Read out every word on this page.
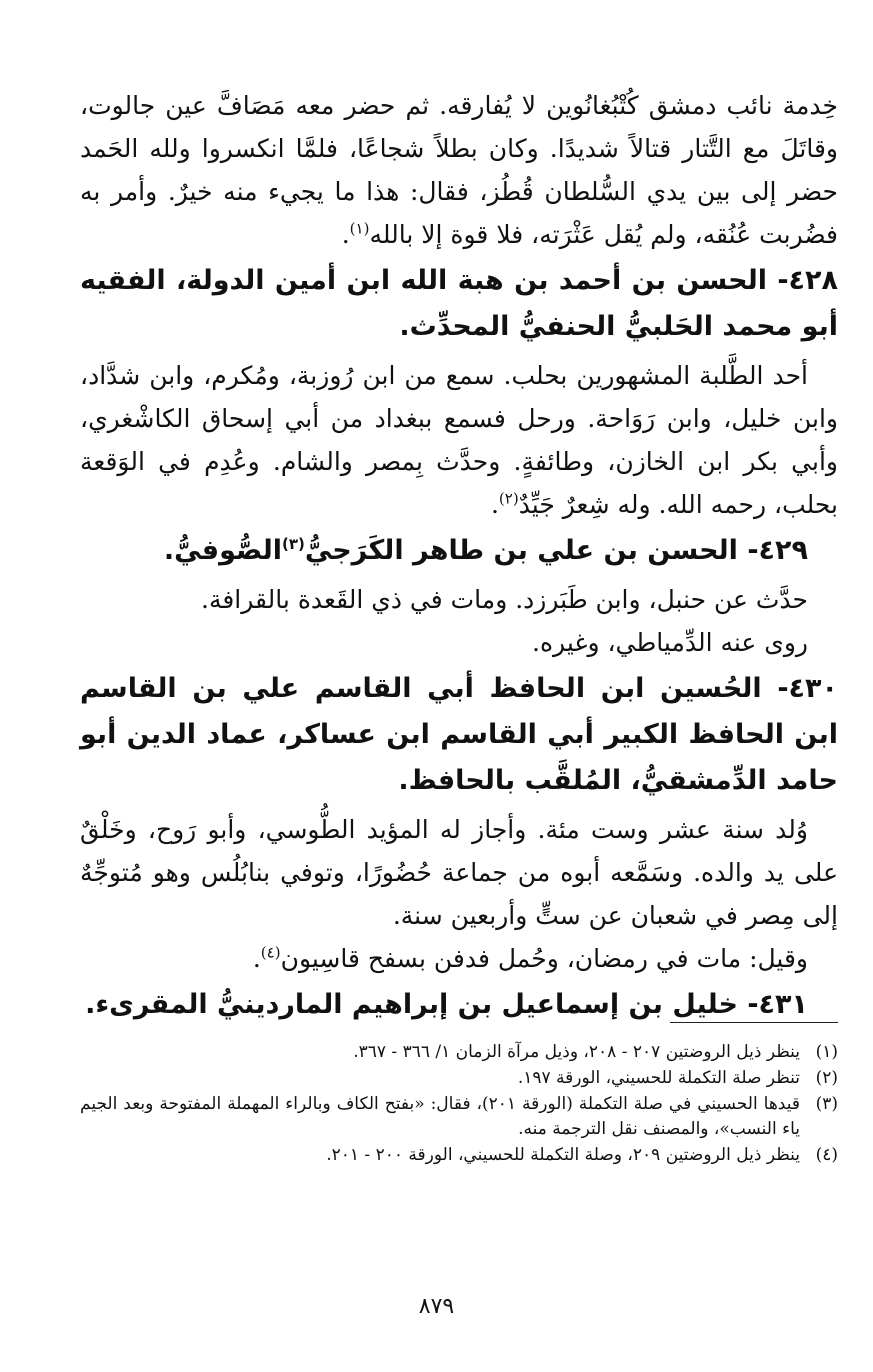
خِدمة نائب دمشق كُتْبُغانُوين لا يُفارقه. ثم حضر معه مَصَافَّ عين جالوت، وقاتَلَ مع التَّتار قتالاً شديدًا. وكان بطلاً شجاعًا، فلمَّا انكسروا ولله الحَمد حضر إلى بين يدي السُّلطان قُطُز، فقال: هذا ما يجيء منه خيرٌ. وأمر به فضُربت عُنُقه، ولم يُقل عَثْرَته، فلا قوة إلا بالله$^{(١)}$.

٤٢٨- الحسن بن أحمد بن هبة الله ابن أمين الدولة، الفقيه أبو محمد الحَلبيُّ الحنفيُّ المحدِّث.

أحد الطَّلبة المشهورين بحلب. سمع من ابن رُوزبة، ومُكرم، وابن شدَّاد، وابن خليل، وابن رَوَاحة. ورحل فسمع ببغداد من أبي إسحاق الكاشْغري، وأبي بكر ابن الخازن، وطائفةٍ. وحدَّث بِمصر والشام. وعُدِم في الوَقعة بحلب، رحمه الله. وله شِعرٌ جَيِّدٌ$^{(٢)}$.

٤٢٩- الحسن بن علي بن طاهر الكَرَجيُّ$^{(٣)}$الصُّوفيُّ.

حدَّث عن حنبل، وابن طَبَرزد. ومات في ذي القَعدة بالقرافة.

روى عنه الدِّمياطي، وغيره.

٤٣٠- الحُسين ابن الحافظ أبي القاسم علي بن القاسم ابن الحافظ الكبير أبي القاسم ابن عساكر، عماد الدين أبو حامد الدِّمشقيُّ، المُلقَّب بالحافظ.

وُلد سنة عشر وست مئة. وأجاز له المؤيد الطُّوسي، وأبو رَوح، وخَلْقٌ على يد والده. وسَمَّعه أبوه من جماعة حُضُورًا، وتوفي بنابُلُس وهو مُتوجِّهٌ إلى مِصر في شعبان عن ستٍّ وأربعين سنة.

وقيل: مات في رمضان، وحُمل فدفن بسفح قاسِيون$^{(٤)}$.

٤٣١- خليل بن إسماعيل بن إبراهيم الماردينيُّ المقرىء.

(١)
ينظر ذيل الروضتين ٢٠٧ - ٢٠٨، وذيل مرآة الزمان ١/ ٣٦٦ - ٣٦٧.
(٢)
تنظر صلة التكملة للحسيني، الورقة ١٩٧.
(٣)
قيدها الحسيني في صلة التكملة (الورقة ٢٠١)، فقال: «بفتح الكاف وبالراء المهملة المفتوحة وبعد الجيم ياء النسب»، والمصنف نقل الترجمة منه.
(٤)
ينظر ذيل الروضتين ٢٠٩، وصلة التكملة للحسيني، الورقة ٢٠٠ - ٢٠١.
٨٧٩
